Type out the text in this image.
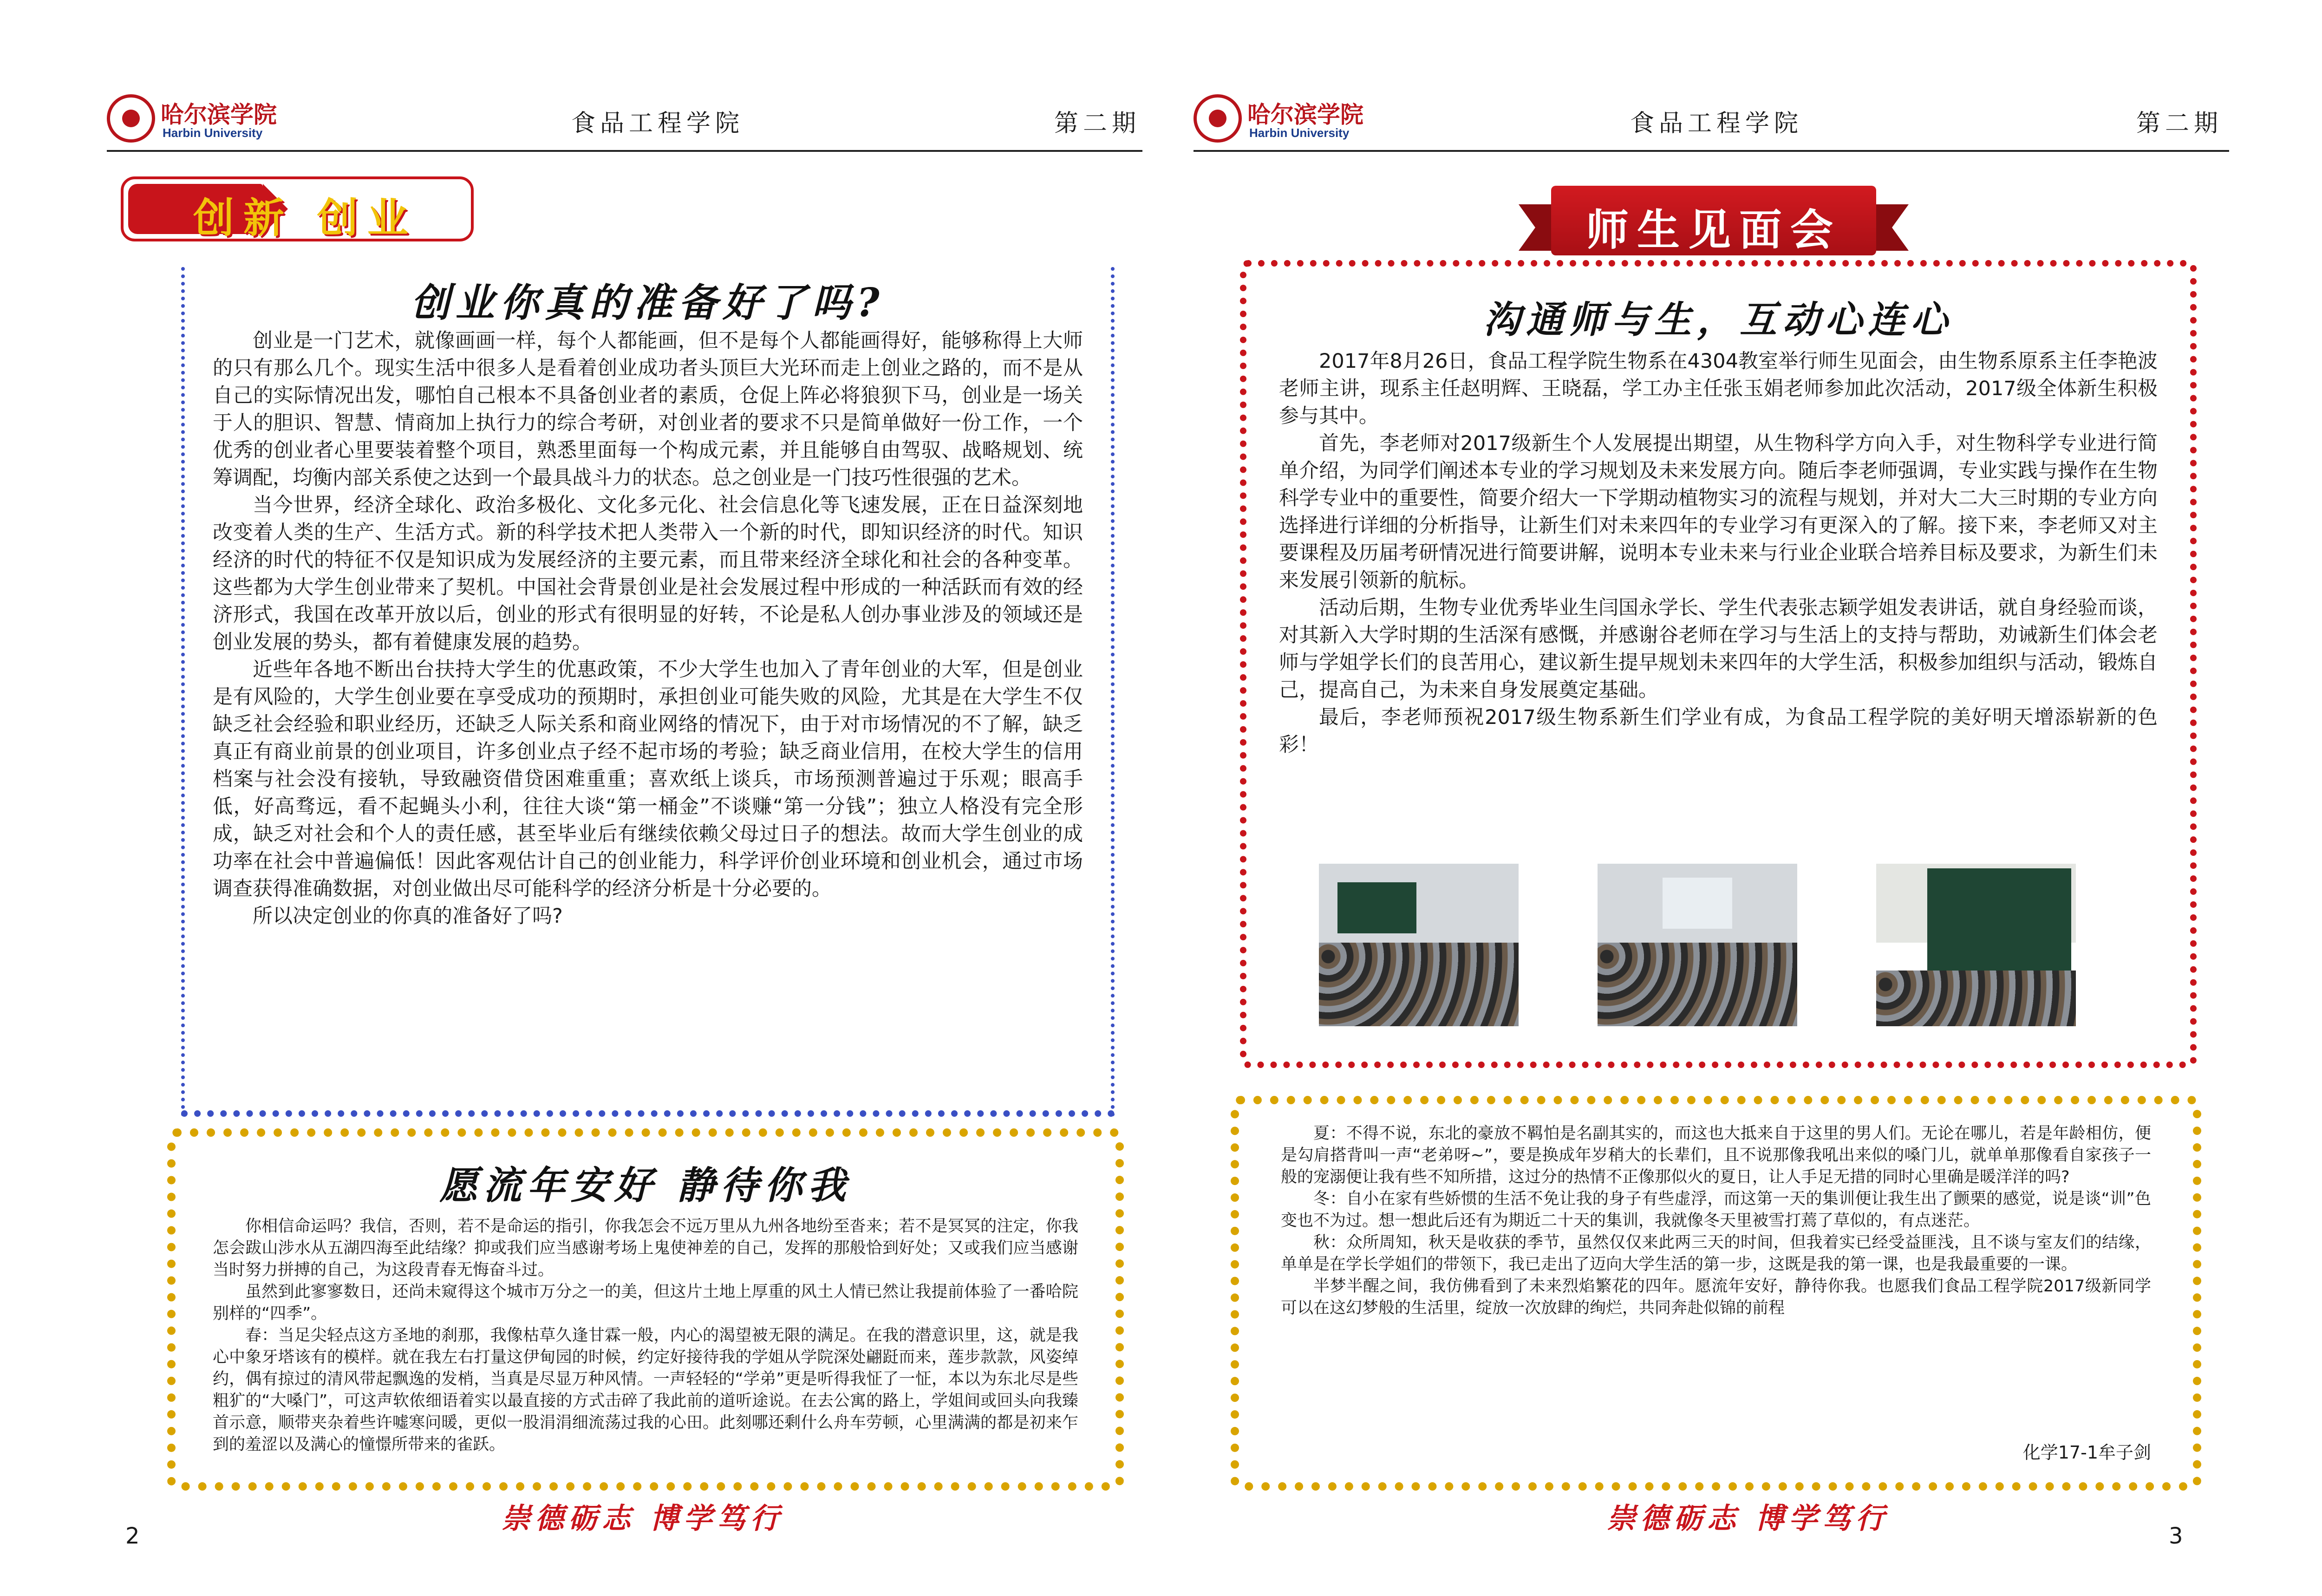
哈尔滨学院
Harbin University	食品工程学院	第二期
创新 创业
创业你真的准备好了吗?

创业是一门艺术，就像画画一样，每个人都能画，但不是每个人都能画得好，能够称得上大师的只有那么几个。现实生活中很多人是看着创业成功者头顶巨大光环而走上创业之路的，而不是从自己的实际情况出发，哪怕自己根本不具备创业者的素质，仓促上阵必将狼狈下马，创业是一场关于人的胆识、智慧、情商加上执行力的综合考研，对创业者的要求不只是简单做好一份工作，一个优秀的创业者心里要装着整个项目，熟悉里面每一个构成元素，并且能够自由驾驭、战略规划、统筹调配，均衡内部关系使之达到一个最具战斗力的状态。总之创业是一门技巧性很强的艺术。

当今世界，经济全球化、政治多极化、文化多元化、社会信息化等飞速发展，正在日益深刻地改变着人类的生产、生活方式。新的科学技术把人类带入一个新的时代，即知识经济的时代。知识经济的时代的特征不仅是知识成为发展经济的主要元素，而且带来经济全球化和社会的各种变革。这些都为大学生创业带来了契机。中国社会背景创业是社会发展过程中形成的一种活跃而有效的经济形式，我国在改革开放以后，创业的形式有很明显的好转，不论是私人创办事业涉及的领域还是创业发展的势头，都有着健康发展的趋势。

近些年各地不断出台扶持大学生的优惠政策，不少大学生也加入了青年创业的大军，但是创业是有风险的，大学生创业要在享受成功的预期时，承担创业可能失败的风险，尤其是在大学生不仅缺乏社会经验和职业经历，还缺乏人际关系和商业网络的情况下，由于对市场情况的不了解，缺乏真正有商业前景的创业项目，许多创业点子经不起市场的考验；缺乏商业信用，在校大学生的信用档案与社会没有接轨，导致融资借贷困难重重；喜欢纸上谈兵，市场预测普遍过于乐观；眼高手低，好高骛远，看不起蝇头小利，往往大谈“第一桶金”不谈赚“第一分钱”；独立人格没有完全形成，缺乏对社会和个人的责任感，甚至毕业后有继续依赖父母过日子的想法。故而大学生创业的成功率在社会中普遍偏低！因此客观估计自己的创业能力，科学评价创业环境和创业机会，通过市场调查获得准确数据，对创业做出尽可能科学的经济分析是十分必要的。

所以决定创业的你真的准备好了吗?

愿流年安好 静待你我

你相信命运吗？我信，否则，若不是命运的指引，你我怎会不远万里从九州各地纷至沓来；若不是冥冥的注定，你我怎会跋山涉水从五湖四海至此结缘？抑或我们应当感谢考场上鬼使神差的自己，发挥的那般恰到好处；又或我们应当感谢当时努力拼搏的自己，为这段青春无悔奋斗过。

虽然到此寥寥数日，还尚未窥得这个城市万分之一的美，但这片土地上厚重的风土人情已然让我提前体验了一番哈院别样的“四季”。

春：当足尖轻点这方圣地的刹那，我像枯草久逢甘霖一般，内心的渴望被无限的满足。在我的潜意识里，这，就是我心中象牙塔该有的模样。就在我左右打量这伊甸园的时候，约定好接待我的学姐从学院深处翩跹而来，莲步款款，风姿绰约，偶有掠过的清风带起飘逸的发梢，当真是尽显万种风情。一声轻轻的“学弟”更是听得我怔了一怔，本以为东北尽是些粗犷的“大嗓门”，可这声软侬细语着实以最直接的方式击碎了我此前的道听途说。在去公寓的路上，学姐间或回头向我臻首示意，顺带夹杂着些许嘘寒问暖，更似一股涓涓细流荡过我的心田。此刻哪还剩什么舟车劳顿，心里满满的都是初来乍到的羞涩以及满心的憧憬所带来的雀跃。

崇德砺志 博学笃行
2
哈尔滨学院
Harbin University	食品工程学院	第二期
师生见面会
沟通师与生，互动心连心

2017年8月26日，食品工程学院生物系在4304教室举行师生见面会，由生物系原系主任李艳波老师主讲，现系主任赵明辉、王晓磊，学工办主任张玉娟老师参加此次活动，2017级全体新生积极参与其中。

首先，李老师对2017级新生个人发展提出期望，从生物科学方向入手，对生物科学专业进行简单介绍，为同学们阐述本专业的学习规划及未来发展方向。随后李老师强调，专业实践与操作在生物科学专业中的重要性，简要介绍大一下学期动植物实习的流程与规划，并对大二大三时期的专业方向选择进行详细的分析指导，让新生们对未来四年的专业学习有更深入的了解。接下来，李老师又对主要课程及历届考研情况进行简要讲解，说明本专业未来与行业企业联合培养目标及要求，为新生们未来发展引领新的航标。

活动后期，生物专业优秀毕业生闫国永学长、学生代表张志颖学姐发表讲话，就自身经验而谈，对其新入大学时期的生活深有感慨，并感谢谷老师在学习与生活上的支持与帮助，劝诫新生们体会老师与学姐学长们的良苦用心，建议新生提早规划未来四年的大学生活，积极参加组织与活动，锻炼自己，提高自己，为未来自身发展奠定基础。

最后，李老师预祝2017级生物系新生们学业有成，为食品工程学院的美好明天增添崭新的色彩！

夏：不得不说，东北的豪放不羁怕是名副其实的，而这也大抵来自于这里的男人们。无论在哪儿，若是年龄相仿，便是勾肩搭背叫一声“老弟呀~”，要是换成年岁稍大的长辈们，且不说那像我吼出来似的嗓门儿，就单单那像看自家孩子一般的宠溺便让我有些不知所措，这过分的热情不正像那似火的夏日，让人手足无措的同时心里确是暖洋洋的吗?

冬：自小在家有些娇惯的生活不免让我的身子有些虚浮，而这第一天的集训便让我生出了颤栗的感觉，说是谈“训”色变也不为过。想一想此后还有为期近二十天的集训，我就像冬天里被雪打蔫了草似的，有点迷茫。

秋：众所周知，秋天是收获的季节，虽然仅仅来此两三天的时间，但我着实已经受益匪浅，且不谈与室友们的结缘，单单是在学长学姐们的带领下，我已走出了迈向大学生活的第一步，这既是我的第一课，也是我最重要的一课。

半梦半醒之间，我仿佛看到了未来烈焰繁花的四年。愿流年安好，静待你我。也愿我们食品工程学院2017级新同学可以在这幻梦般的生活里，绽放一次放肆的绚烂，共同奔赴似锦的前程

化学17-1牟子剑
崇德砺志 博学笃行
3
